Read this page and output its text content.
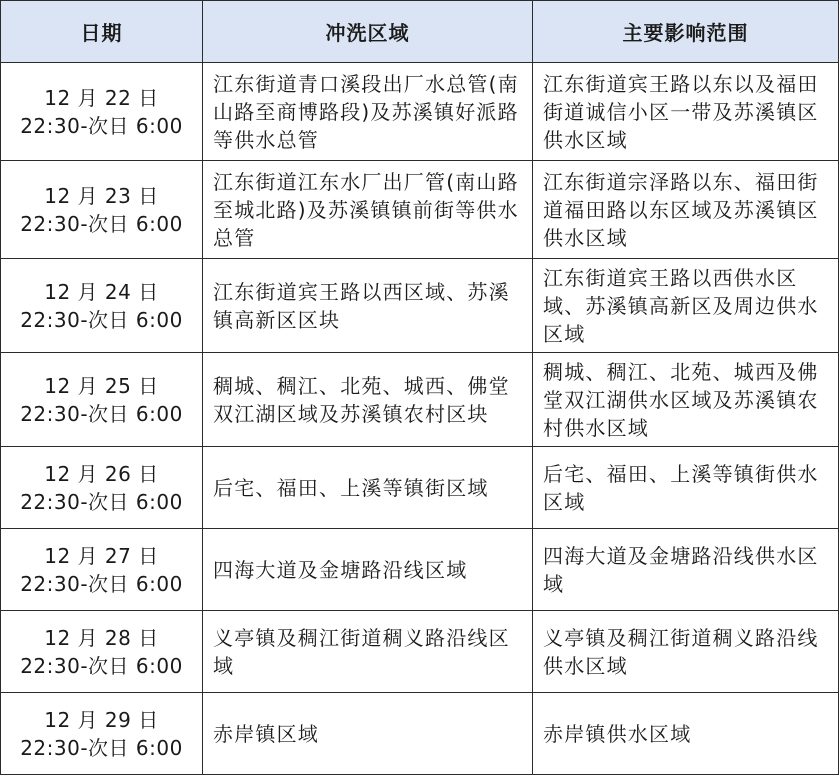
日期	冲洗区域	主要影响范围

12 月 22 日
22:30-次日 6:00	江东街道青口溪段出厂水总管(南山路至商博路段)及苏溪镇好派路等供水总管	江东街道宾王路以东以及福田街道诚信小区一带及苏溪镇区供水区域

12 月 23 日
22:30-次日 6:00	江东街道江东水厂出厂管(南山路至城北路)及苏溪镇镇前街等供水总管	江东街道宗泽路以东、福田街道福田路以东区域及苏溪镇区供水区域

12 月 24 日
22:30-次日 6:00	江东街道宾王路以西区域、苏溪镇高新区区块	江东街道宾王路以西供水区域、苏溪镇高新区及周边供水区域

12 月 25 日
22:30-次日 6:00	稠城、稠江、北苑、城西、佛堂双江湖区域及苏溪镇农村区块	稠城、稠江、北苑、城西及佛堂双江湖供水区域及苏溪镇农村供水区域

12 月 26 日
22:30-次日 6:00	后宅、福田、上溪等镇街区域	后宅、福田、上溪等镇街供水区域

12 月 27 日
22:30-次日 6:00	四海大道及金塘路沿线区域	四海大道及金塘路沿线供水区域

12 月 28 日
22:30-次日 6:00	义亭镇及稠江街道稠义路沿线区域	义亭镇及稠江街道稠义路沿线供水区域

12 月 29 日
22:30-次日 6:00	赤岸镇区域	赤岸镇供水区域
